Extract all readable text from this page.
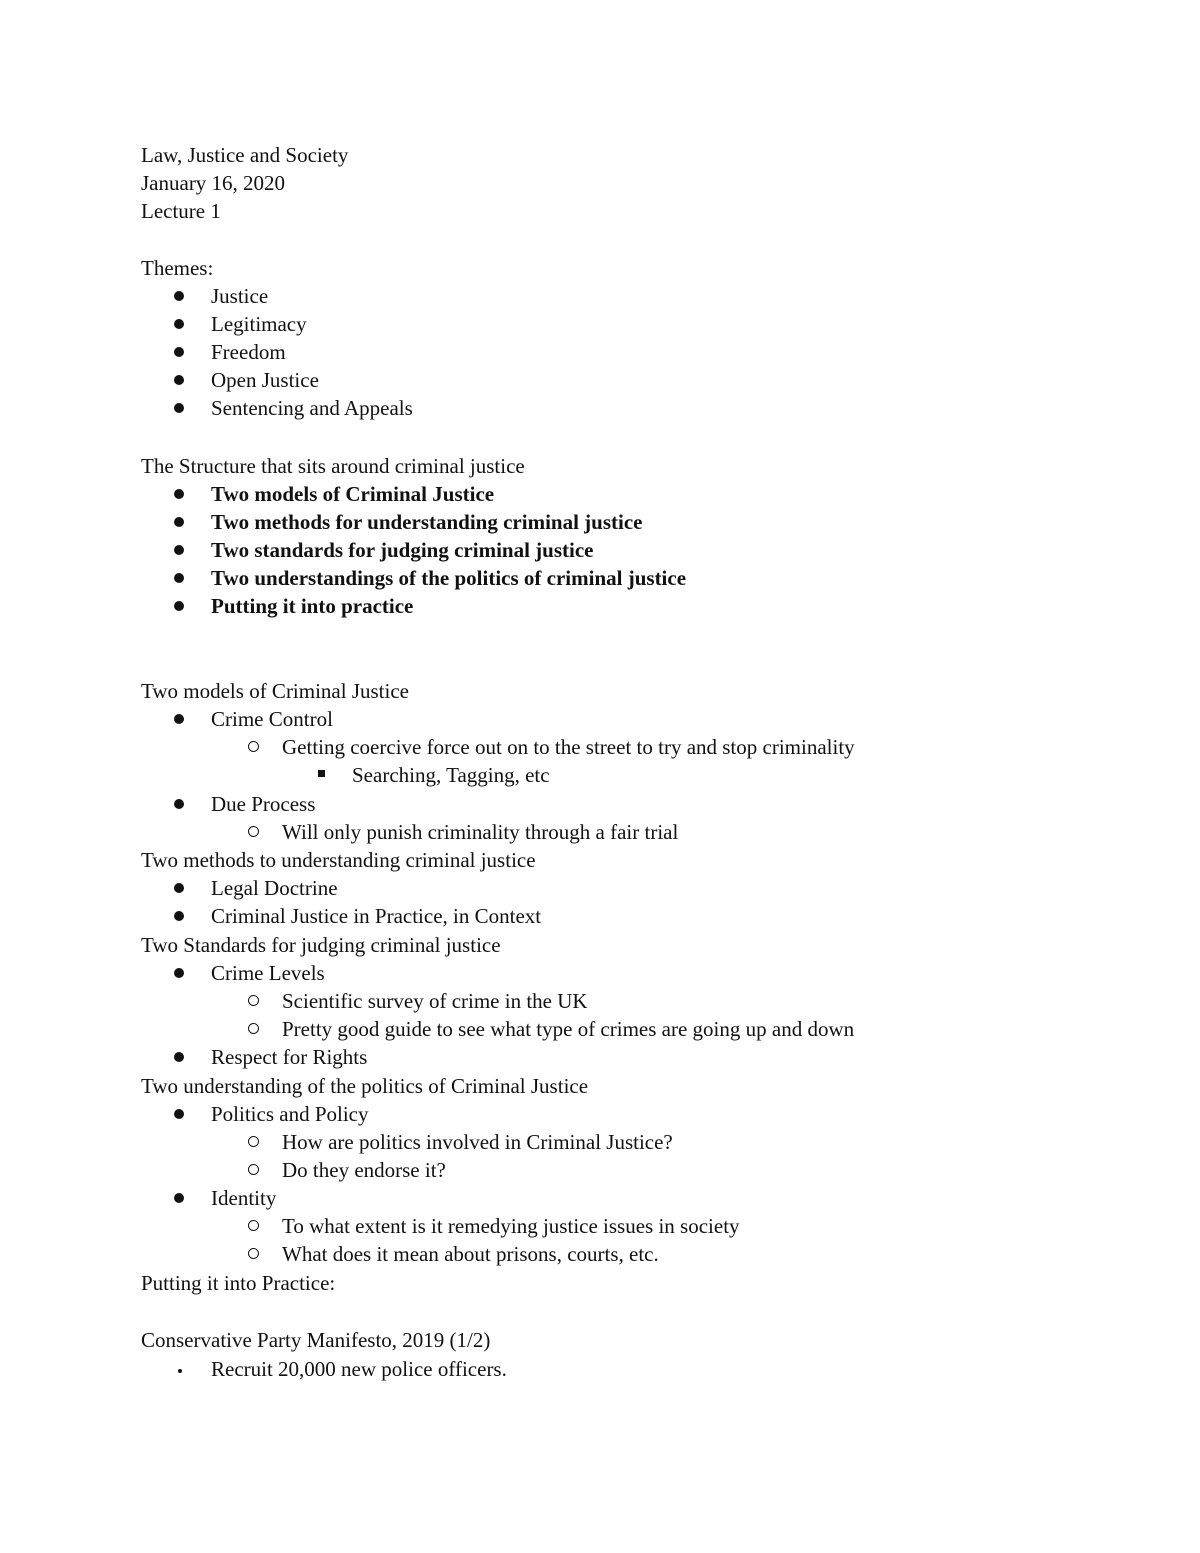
Law, Justice and Society
January 16, 2020
Lecture 1
Themes:
Justice
Legitimacy
Freedom
Open Justice
Sentencing and Appeals
The Structure that sits around criminal justice
Two models of Criminal Justice
Two methods for understanding criminal justice
Two standards for judging criminal justice
Two understandings of the politics of criminal justice
Putting it into practice
Two models of Criminal Justice
Crime Control
Getting coercive force out on to the street to try and stop criminality
Searching, Tagging, etc
Due Process
Will only punish criminality through a fair trial
Two methods to understanding criminal justice
Legal Doctrine
Criminal Justice in Practice, in Context
Two Standards for judging criminal justice
Crime Levels
Scientific survey of crime in the UK
Pretty good guide to see what type of crimes are going up and down
Respect for Rights
Two understanding of the politics of Criminal Justice
Politics and Policy
How are politics involved in Criminal Justice?
Do they endorse it?
Identity
To what extent is it remedying justice issues in society
What does it mean about prisons, courts, etc.
Putting it into Practice:
Conservative Party Manifesto, 2019 (1/2)
Recruit 20,000 new police officers.
